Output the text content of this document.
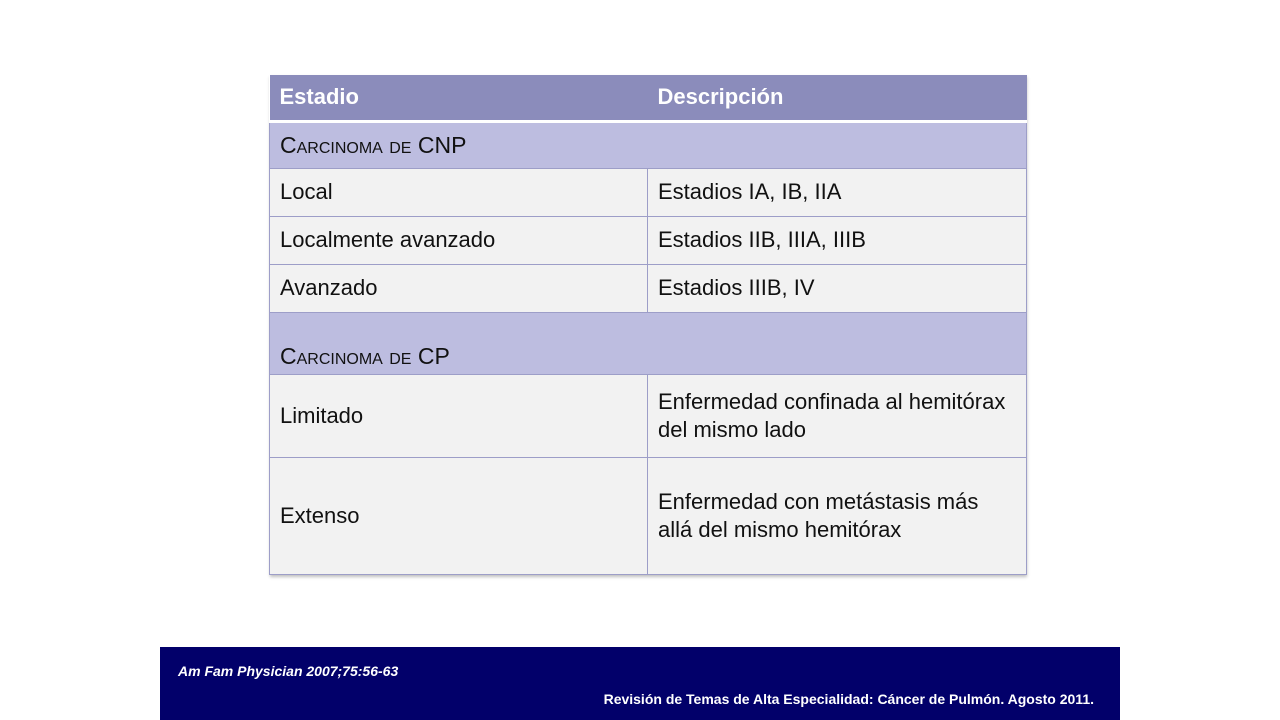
Estadio	Descripción
Carcinoma de CNP	
Local	Estadios IA, IB, IIA
Localmente avanzado	Estadios IIB, IIIA, IIIB
Avanzado	Estadios IIIB, IV
Carcinoma de CP	
Limitado	Enfermedad confinada al hemitórax del mismo lado
Extenso	Enfermedad con metástasis más allá del mismo hemitórax
Am Fam Physician 2007;75:56-63
Revisión de Temas de Alta Especialidad: Cáncer de Pulmón. Agosto 2011.
